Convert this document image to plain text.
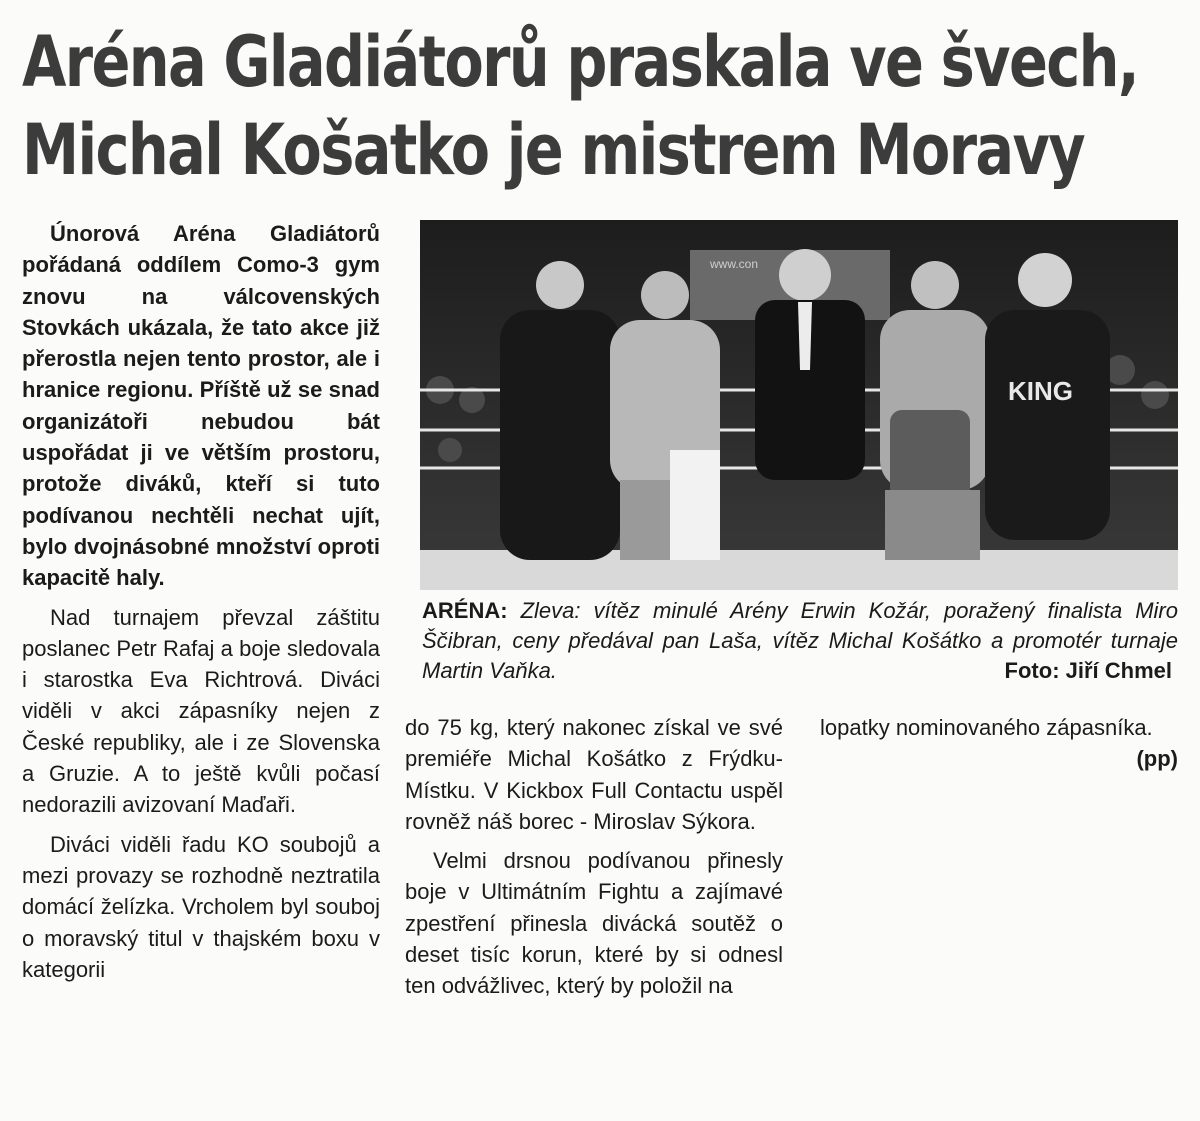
Aréna Gladiátorů praskala ve švech,
Michal Košatko je mistrem Moravy

Únorová Aréna Gladiátorů pořádaná oddílem Como-3 gym znovu na válcovenských Stovkách ukázala, že tato akce již přerostla nejen tento prostor, ale i hranice regionu. Příště už se snad organizátoři nebudou bát uspořádat ji ve větším prostoru, protože diváků, kteří si tuto podívanou nechtěli nechat ujít, bylo dvojnásobné množství oproti kapacitě haly.

Nad turnajem převzal záštitu poslanec Petr Rafaj a boje sledovala i starostka Eva Richtrová. Diváci viděli v akci zápasníky nejen z České republiky, ale i ze Slovenska a Gruzie. A to ještě kvůli počasí nedorazili avizovaní Maďaři.

Diváci viděli řadu KO soubojů a mezi provazy se rozhodně neztratila domácí želízka. Vrcholem byl souboj o moravský titul v thajském boxu v kategorii

www.con
KING
ARÉNA: Zleva: vítěz minulé Arény Erwin Kožár, poražený finalista Miro Ščibran, ceny předával pan Laša, vítěz Michal Košátko a promotér turnaje Martin Vaňka.	Foto: Jiří Chmel

do 75 kg, který nakonec získal ve své premiéře Michal Košátko z Frýdku-Místku. V Kickbox Full Contactu uspěl rovněž náš borec - Miroslav Sýkora.

Velmi drsnou podívanou přinesly boje v Ultimátním Fightu a zajímavé zpestření přinesla divácká soutěž o deset tisíc korun, které by si odnesl ten odvážlivec, který by položil na

lopatky nominovaného zápasníka.
(pp)
